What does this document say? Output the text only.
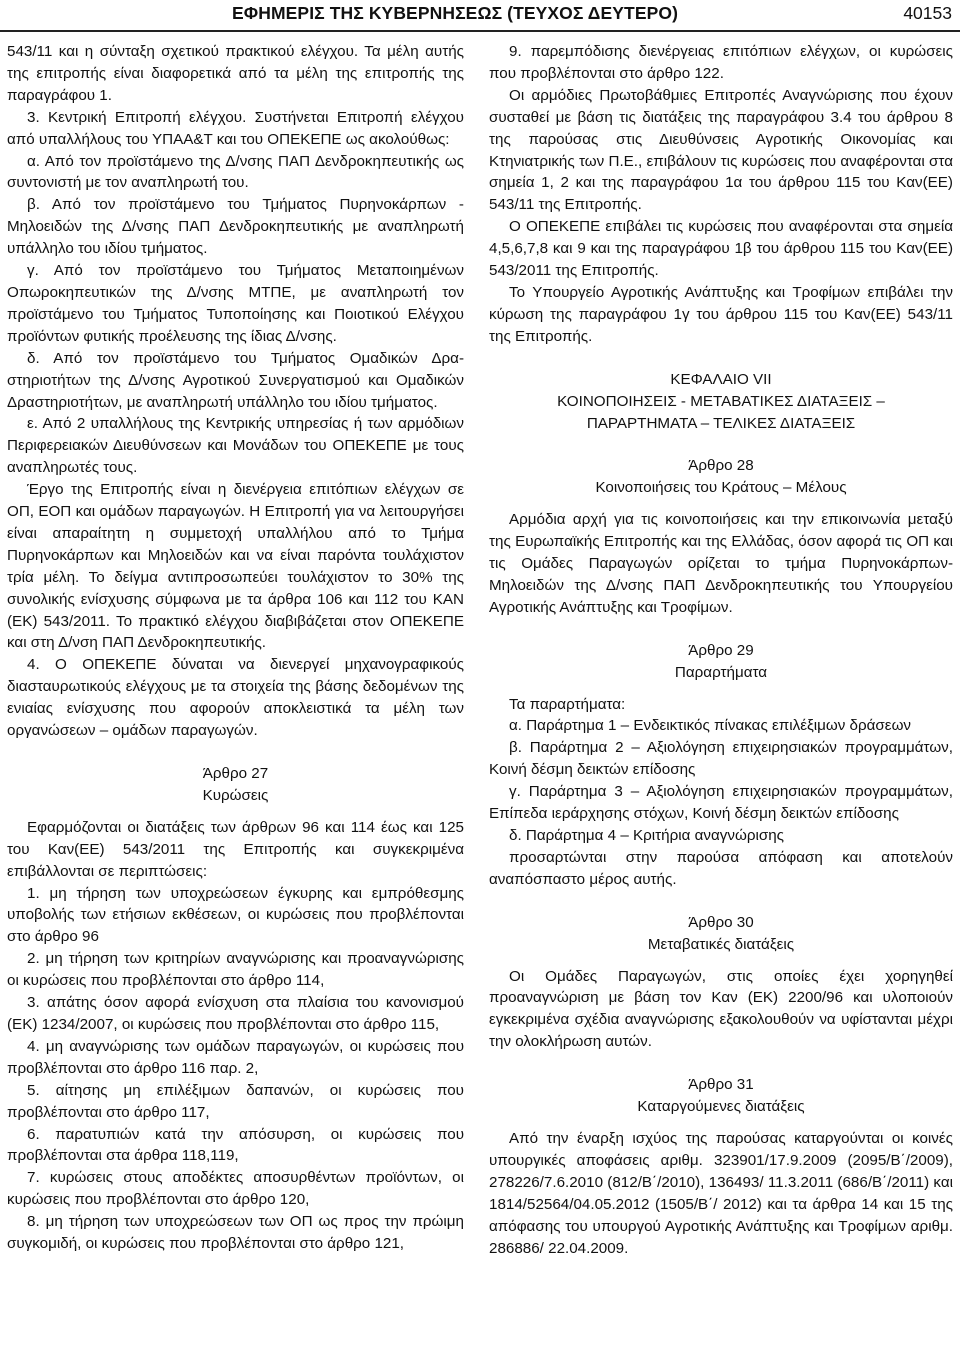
ΕΦΗΜΕΡΙΣ ΤΗΣ ΚΥΒΕΡΝΗΣΕΩΣ (ΤΕΥΧΟΣ ΔΕΥΤΕΡΟ)	40153

543/11 και η σύνταξη σχετικού πρακτικού ελέγχου. Τα μέλη αυτής της επιτροπής είναι διαφορετικά από τα μέλη της επιτροπής της παραγράφου 1.

3. Κεντρική Επιτροπή ελέγχου. Συστήνεται Επιτροπή ελέγχου από υπαλλήλους του ΥΠΑΑ&Τ και του ΟΠΕΚΕΠΕ ως ακολούθως:

α. Από τον προϊστάμενο της Δ/νσης ΠΑΠ Δενδροκηπευτικής ως συντονιστή με τον αναπληρωτή του.

β. Από τον προϊστάμενο του Τμήματος Πυρηνοκάρπων - Μηλοειδών της Δ/νσης ΠΑΠ Δενδροκηπευτικής με αναπληρωτή υπάλληλο του ιδίου τμήματος.

γ. Από τον προϊστάμενο του Τμήματος Μεταποιημένων Οπωροκηπευτικών της Δ/νσης ΜΤΠΕ, με αναπληρωτή τον προϊστάμενο του Τμήματος Τυποποίησης και Ποιοτικού Ελέγχου προϊόντων φυτικής προέλευσης της ίδιας Δ/νσης.

δ. Από τον προϊστάμενο του Τμήματος Ομαδικών Δραστηριοτήτων της Δ/νσης Αγροτικού Συνεργατισμού και Ομαδικών Δραστηριοτήτων, με αναπληρωτή υπάλληλο του ιδίου τμήματος.

ε. Από 2 υπαλλήλους της Κεντρικής υπηρεσίας ή των αρμόδιων Περιφερειακών Διευθύνσεων και Μονάδων του ΟΠΕΚΕΠΕ με τους αναπληρωτές τους.

Έργο της Επιτροπής είναι η διενέργεια επιτόπιων ελέγχων σε ΟΠ, ΕΟΠ και ομάδων παραγωγών. Η Επιτροπή για να λειτουργήσει είναι απαραίτητη η συμμετοχή υπαλλήλου από το Τμήμα Πυρηνοκάρπων και Μηλοειδών και να είναι παρόντα τουλάχιστον τρία μέλη. Το δείγμα αντιπροσωπεύει τουλάχιστον το 30% της συνολικής ενίσχυσης σύμφωνα με τα άρθρα 106 και 112 του ΚΑΝ (ΕΚ) 543/2011. Το πρακτικό ελέγχου διαβιβάζεται στον ΟΠΕΚΕΠΕ και στη Δ/νση ΠΑΠ Δενδροκηπευτικής.

4. Ο ΟΠΕΚΕΠΕ δύναται να διενεργεί μηχανογραφικούς διασταυρωτικούς ελέγχους με τα στοιχεία της βάσης δεδομένων της ενιαίας ενίσχυσης που αφορούν αποκλειστικά τα μέλη των οργανώσεων – ομάδων παραγωγών.

Άρθρο 27

Κυρώσεις

Εφαρμόζονται οι διατάξεις των άρθρων 96 και 114 έως και 125 του Καν(ΕΕ) 543/2011 της Επιτροπής και συγκεκριμένα επιβάλλονται σε περιπτώσεις:

1. μη τήρηση των υποχρεώσεων έγκυρης και εμπρόθεσμης υποβολής των ετήσιων εκθέσεων, οι κυρώσεις που προβλέπονται στο άρθρο 96

2. μη τήρηση των κριτηρίων αναγνώρισης και προαναγνώρισης οι κυρώσεις που προβλέπονται στο άρθρο 114,

3. απάτης όσον αφορά ενίσχυση στα πλαίσια του κανονισμού (ΕΚ) 1234/2007, οι κυρώσεις που προβλέπονται στο άρθρο 115,

4. μη αναγνώρισης των ομάδων παραγωγών, οι κυρώσεις που προβλέπονται στο άρθρο 116 παρ. 2,

5. αίτησης μη επιλέξιμων δαπανών, οι κυρώσεις που προβλέπονται στο άρθρο 117,

6. παρατυπιών κατά την απόσυρση, οι κυρώσεις που προβλέπονται στα άρθρα 118,119,

7. κυρώσεις στους αποδέκτες αποσυρθέντων προϊόντων, οι κυρώσεις που προβλέπονται στο άρθρο 120,

8. μη τήρηση των υποχρεώσεων των ΟΠ ως προς την πρώιμη συγκομιδή, οι κυρώσεις που προβλέπονται στο άρθρο 121,

9. παρεμπόδισης διενέργειας επιτόπιων ελέγχων, οι κυρώσεις που προβλέπονται στο άρθρο 122.

Οι αρμόδιες Πρωτοβάθμιες Επιτροπές Αναγνώρισης που έχουν συσταθεί με βάση τις διατάξεις της παραγράφου 3.4 του άρθρου 8 της παρούσας στις Διευθύνσεις Αγροτικής Οικονομίας και Κτηνιατρικής των Π.Ε., επιβάλουν τις κυρώσεις που αναφέρονται στα σημεία 1, 2 και της παραγράφου 1α του άρθρου 115 του Καν(ΕΕ) 543/11 της Επιτροπής.

Ο ΟΠΕΚΕΠΕ επιβάλει τις κυρώσεις που αναφέρονται στα σημεία 4,5,6,7,8 και 9 και της παραγράφου 1β του άρθρου 115 του Καν(ΕΕ) 543/2011 της Επιτροπής.

Το Υπουργείο Αγροτικής Ανάπτυξης και Τροφίμων επιβάλει την κύρωση της παραγράφου 1γ του άρθρου 115 του Καν(ΕΕ) 543/11 της Επιτροπής.

ΚΕΦΑΛΑΙΟ VII

ΚΟΙΝΟΠΟΙΗΣΕΙΣ - ΜΕΤΑΒΑΤΙΚΕΣ ΔΙΑΤΑΞΕΙΣ –

ΠΑΡΑΡΤΗΜΑΤΑ – ΤΕΛΙΚΕΣ ΔΙΑΤΑΞΕΙΣ

Άρθρο 28

Κοινοποιήσεις του Κράτους – Μέλους

Αρμόδια αρχή για τις κοινοποιήσεις και την επικοινωνία μεταξύ της Ευρωπαϊκής Επιτροπής και της Ελλάδας, όσον αφορά τις ΟΠ και τις Ομάδες Παραγωγών ορίζεται το τμήμα Πυρηνοκάρπων- Μηλοειδών της Δ/νσης ΠΑΠ Δενδροκηπευτικής του Υπουργείου Αγροτικής Ανάπτυξης και Τροφίμων.

Άρθρο 29

Παραρτήματα

Τα παραρτήματα:

α. Παράρτημα 1 – Ενδεικτικός πίνακας επιλέξιμων δράσεων

β. Παράρτημα 2 – Αξιολόγηση επιχειρησιακών προγραμμάτων, Κοινή δέσμη δεικτών επίδοσης

γ. Παράρτημα 3 – Αξιολόγηση επιχειρησιακών προγραμμάτων, Επίπεδα ιεράρχησης στόχων, Κοινή δέσμη δεικτών επίδοσης

δ. Παράρτημα 4 – Κριτήρια αναγνώρισης

προσαρτώνται στην παρούσα απόφαση και αποτελούν αναπόσπαστο μέρος αυτής.

Άρθρο 30

Μεταβατικές διατάξεις

Οι Ομάδες Παραγωγών, στις οποίες έχει χορηγηθεί προαναγνώριση με βάση τον Καν (ΕΚ) 2200/96 και υλοποιούν εγκεκριμένα σχέδια αναγνώρισης εξακολουθούν να υφίστανται μέχρι την ολοκλήρωση αυτών.

Άρθρο 31

Καταργούμενες διατάξεις

Από την έναρξη ισχύος της παρούσας καταργούνται οι κοινές υπουργικές αποφάσεις αριθμ. 323901/17.9.2009 (2095/Β΄/2009), 278226/7.6.2010 (812/Β΄/2010), 136493/ 11.3.2011 (686/Β΄/2011) και 1814/52564/04.05.2012 (1505/Β΄/ 2012) και τα άρθρα 14 και 15 της απόφασης του υπουργού Αγροτικής Ανάπτυξης και Τροφίμων αριθμ. 286886/ 22.04.2009.
